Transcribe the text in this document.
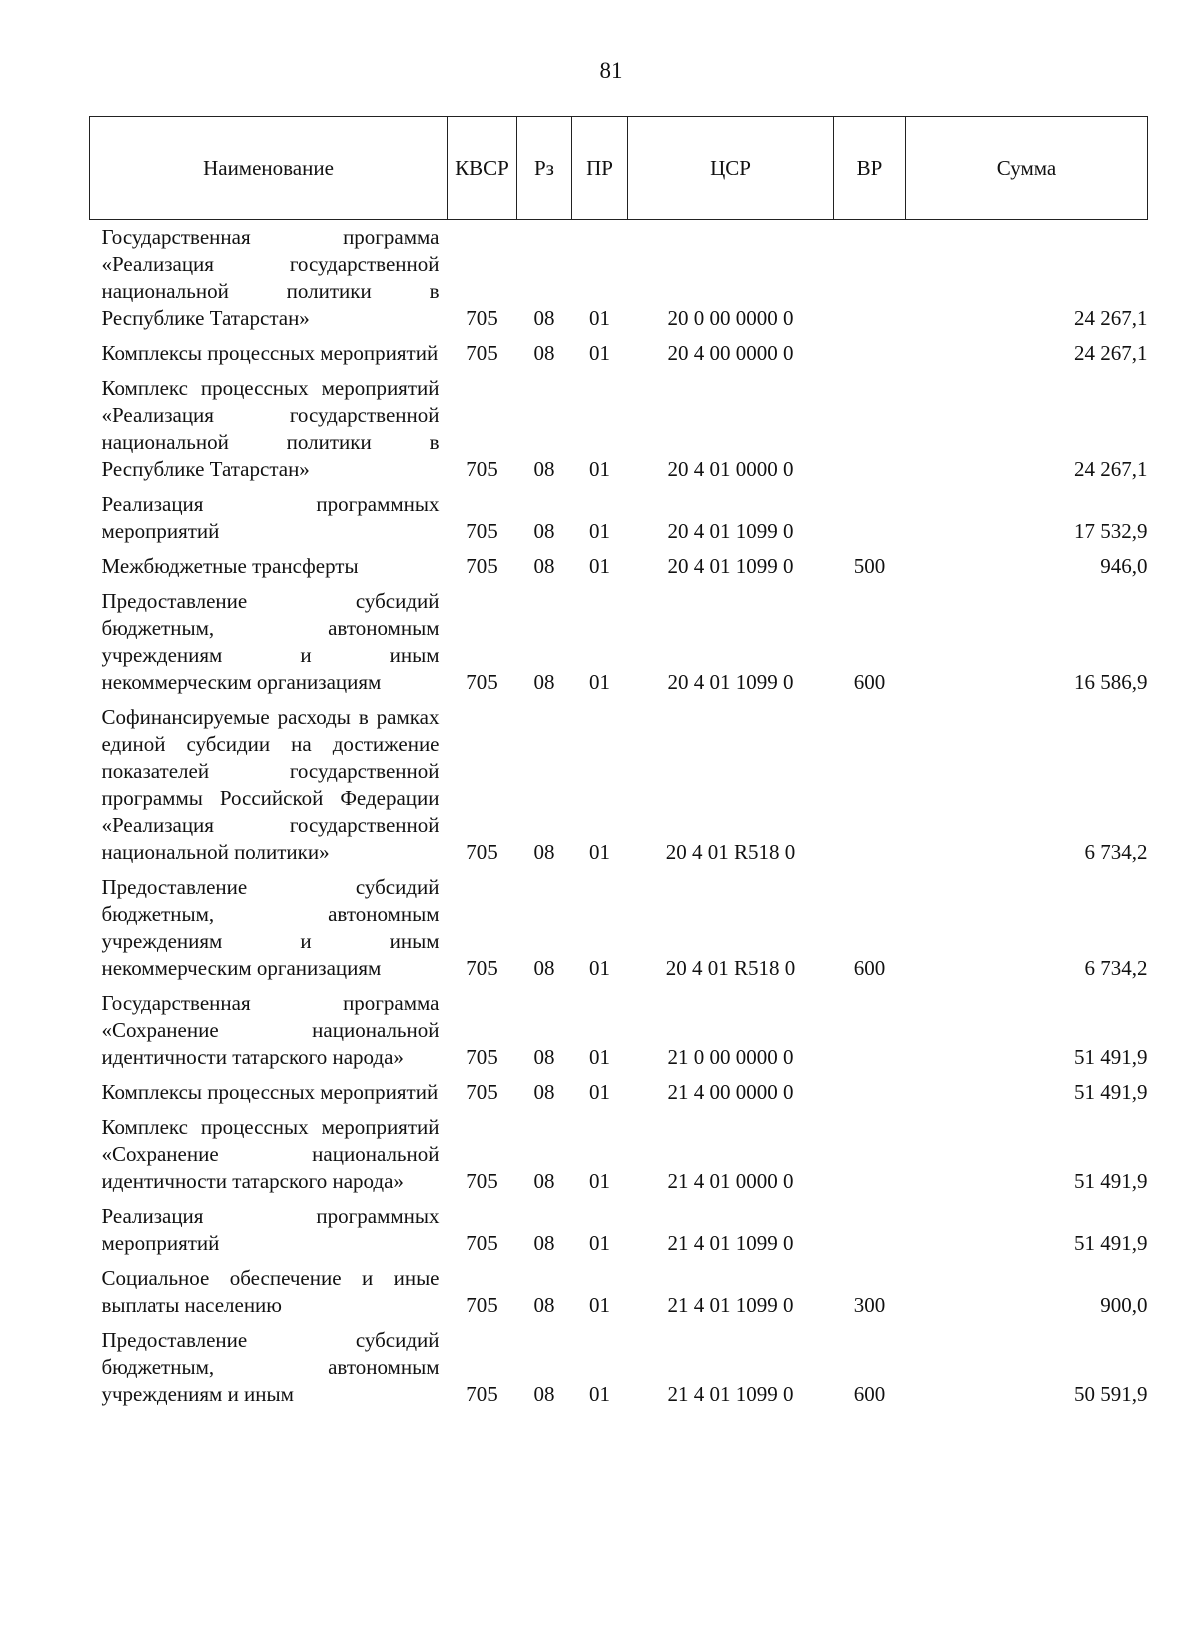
81
Наименование	КВСР	Рз	ПР	ЦСР	ВР	Сумма
Государственная программа «Реализация государственной национальной политики в Республике Татарстан»	705	08	01	20 0 00 0000 0		24 267,1
Комплексы процессных мероприятий	705	08	01	20 4 00 0000 0		24 267,1
Комплекс процессных мероприятий «Реализация государственной национальной политики в Республике Татарстан»	705	08	01	20 4 01 0000 0		24 267,1
Реализация программных мероприятий	705	08	01	20 4 01 1099 0		17 532,9
Межбюджетные трансферты	705	08	01	20 4 01 1099 0	500	946,0
Предоставление субсидий бюджетным, автономным учреждениям и иным некоммерческим организациям	705	08	01	20 4 01 1099 0	600	16 586,9
Софинансируемые расходы в рамках единой субсидии на достижение показателей государственной программы Российской Федерации «Реализация государственной национальной политики»	705	08	01	20 4 01 R518 0		6 734,2
Предоставление субсидий бюджетным, автономным учреждениям и иным некоммерческим организациям	705	08	01	20 4 01 R518 0	600	6 734,2
Государственная программа «Сохранение национальной идентичности татарского народа»	705	08	01	21 0 00 0000 0		51 491,9
Комплексы процессных мероприятий	705	08	01	21 4 00 0000 0		51 491,9
Комплекс процессных мероприятий «Сохранение национальной идентичности татарского народа»	705	08	01	21 4 01 0000 0		51 491,9
Реализация программных мероприятий	705	08	01	21 4 01 1099 0		51 491,9
Социальное обеспечение и иные выплаты населению	705	08	01	21 4 01 1099 0	300	900,0
Предоставление субсидий бюджетным, автономным учреждениям и иным	705	08	01	21 4 01 1099 0	600	50 591,9
